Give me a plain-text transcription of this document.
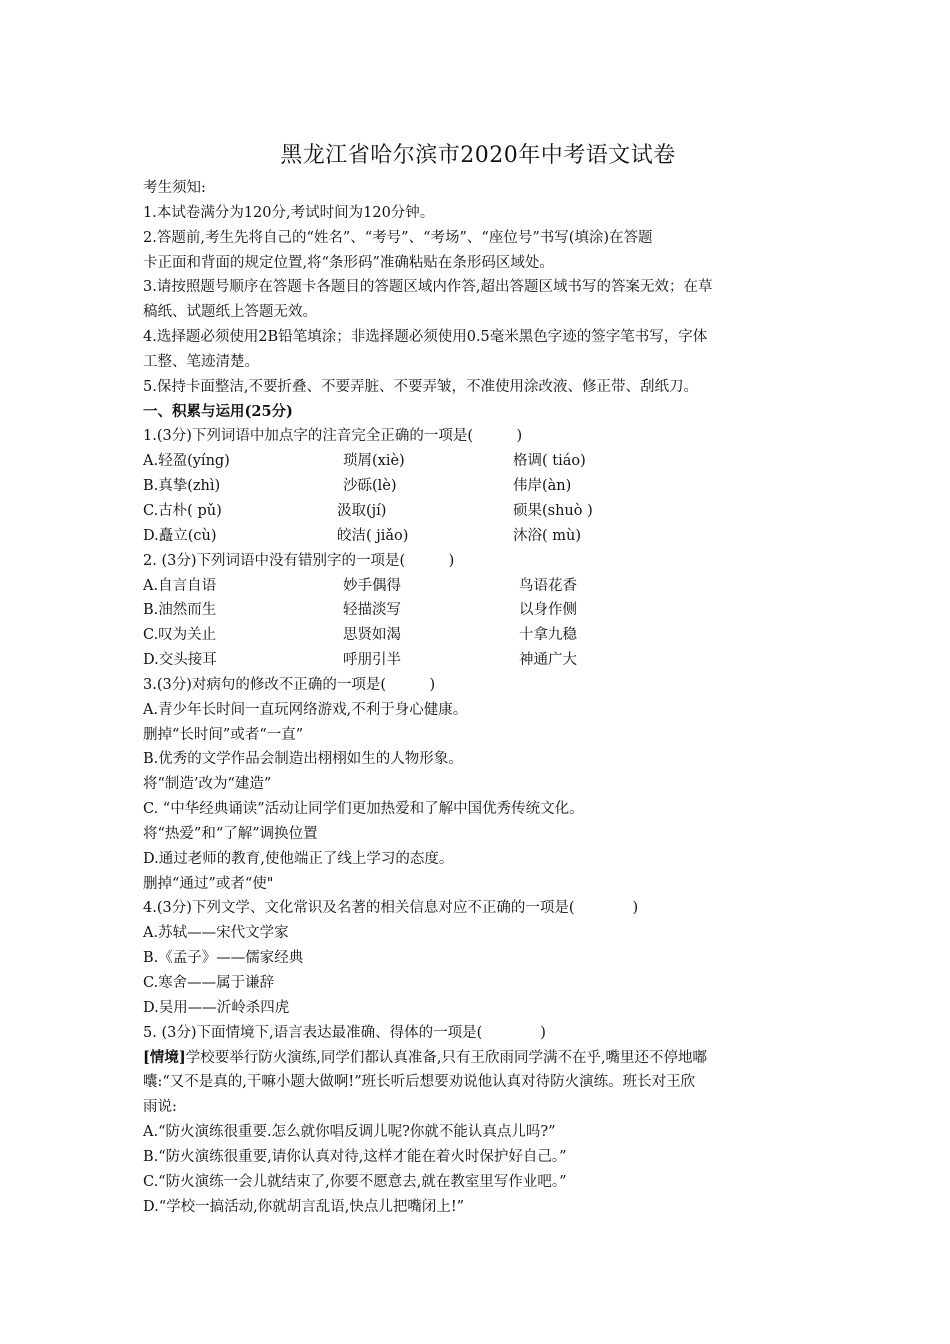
黑龙江省哈尔滨市2020年中考语文试卷
考生须知:
1.本试卷满分为120分,考试时间为120分钟。
2.答题前,考生先将自己的“姓名”、“考号”、“考场”、“座位号”书写(填涂)在答题
卡正面和背面的规定位置,将“条形码”准确粘贴在条形码区域处。
3.请按照题号顺序在答题卡各题目的答题区域内作答,超出答题区域书写的答案无效；在草
稿纸、试题纸上答题无效。
4.选择题必须使用2B铅笔填涂；非选择题必须使用0.5毫米黑色字迹的签字笔书写，字体
工整、笔迹清楚。
5.保持卡面整洁,不要折叠、不要弄脏、不要弄皱，不准使用涂改液、修正带、刮纸刀。
一、积累与运用(25分)
1.(3分)下列词语中加点字的注音完全正确的一项是(　　　)
A.轻盈(yíng)	琐屑(xiè)	格调( tiáo)
B.真挚(zhì)	沙砾(lè)	伟岸(àn)
C.古朴( pǔ)	汲取(jí)	硕果(shuò )
D.矗立(cù)	皎洁( jiǎo)	沐浴( mù)
2. (3分)下列词语中没有错别字的一项是(　　　)
A.自言自语	妙手偶得	鸟语花香
B.油然而生	轻描淡写	以身作侧
C.叹为关止	思贤如渴	十拿九稳
D.交头接耳	呼朋引半	神通广大
3.(3分)对病句的修改不正确的一项是(　　　)
A.青少年长时间一直玩网络游戏,不利于身心健康。
删掉“长时间”或者“一直”
B.优秀的文学作品会制造出栩栩如生的人物形象。
将“制造’改为“建造”
C. “中华经典诵读”活动让同学们更加热爱和了解中国优秀传统文化。
将“热爱”和“了解”调换位置
D.通过老师的教育,使他端正了线上学习的态度。
删掉“通过”或者“使"
4.(3分)下列文学、文化常识及名著的相关信息对应不正确的一项是(　　　　)
A.苏轼——宋代文学家
B.《孟子》——儒家经典
C.寒舍——属于谦辞
D.吴用——沂岭杀四虎
5. (3分)下面情境下,语言表达最准确、得体的一项是(　　　　)
[情境]学校要举行防火演练,同学们都认真准备,只有王欣雨同学满不在乎,嘴里还不停地嘟
囔:“又不是真的,干嘛小题大做啊!”班长听后想要劝说他认真对待防火演练。班长对王欣
雨说:
A.“防火演练很重要.怎么就你唱反调儿呢?你就不能认真点儿吗?”
B.“防火演练很重要,请你认真对待,这样才能在着火时保护好自己。”
C.“防火演练一会儿就结束了,你要不愿意去,就在教室里写作业吧。”
D.“学校一搞活动,你就胡言乱语,快点儿把嘴闭上!”
